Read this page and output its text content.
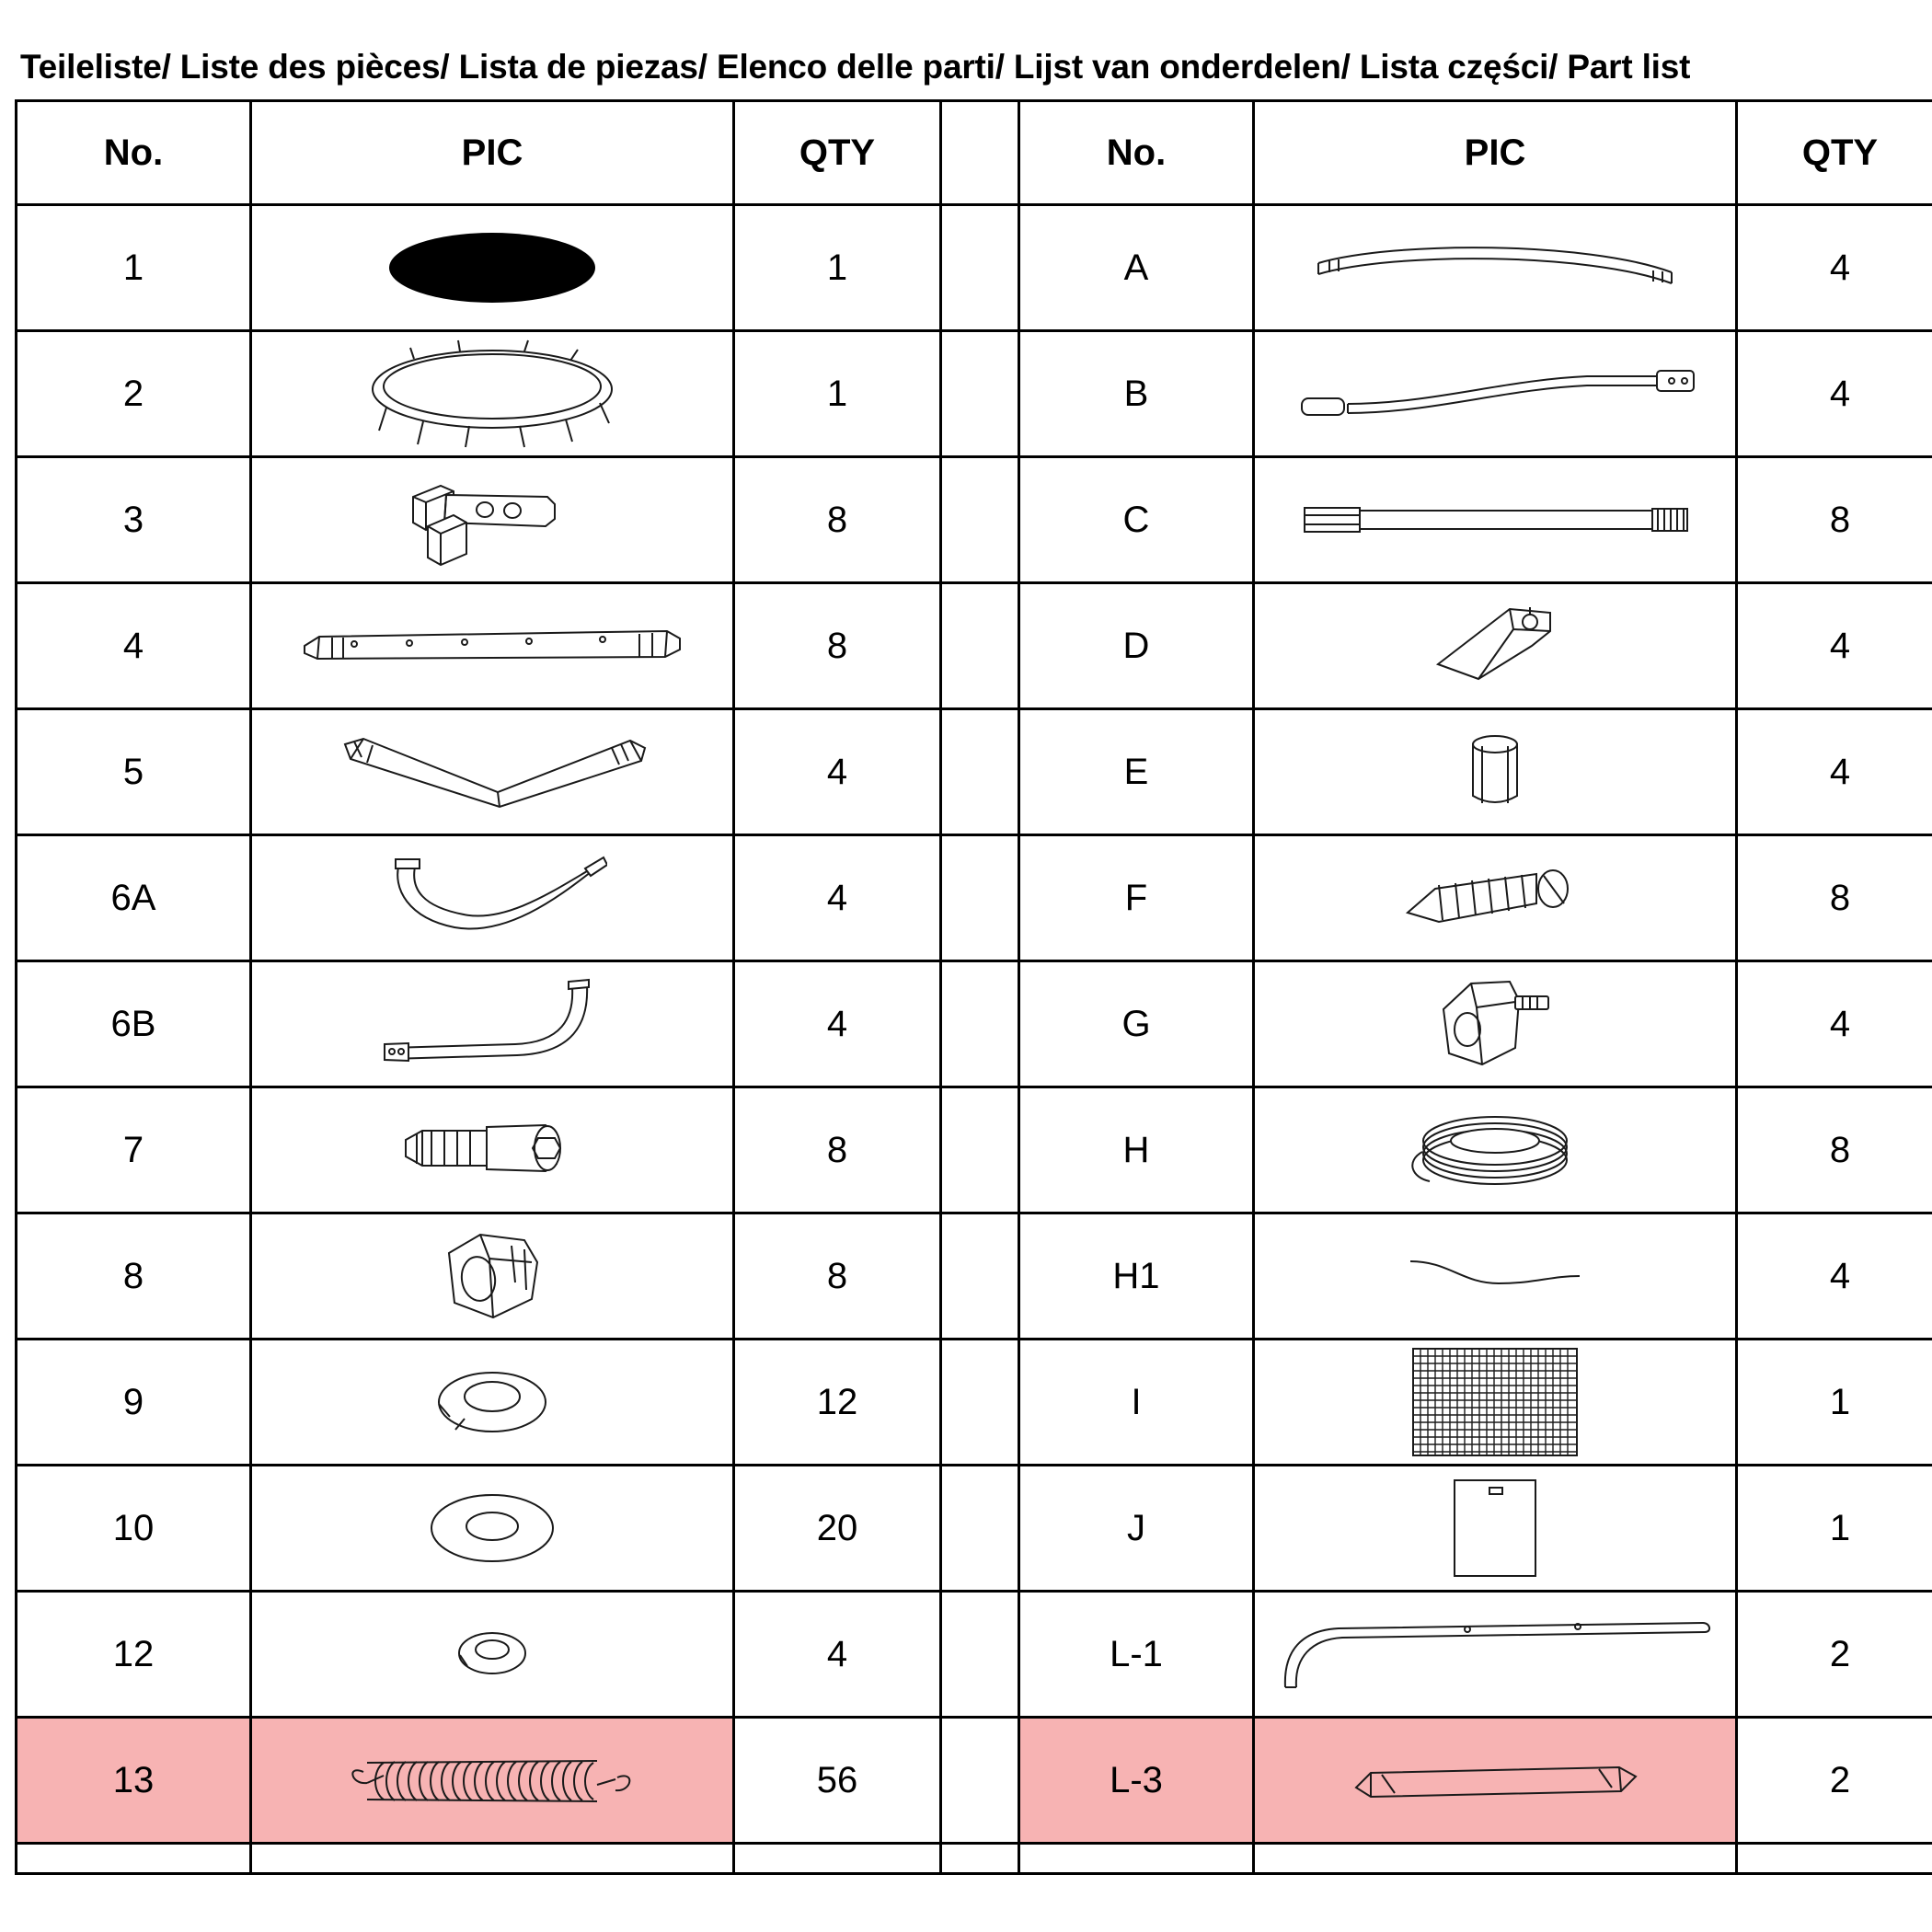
Teileliste/ Liste des pièces/ Lista de piezas/ Elenco delle parti/ Lijst van onderdelen/ Lista części/ Part list
No.	PIC	QTY		No.	PIC	QTY
1		1		A		4
2		1		B		4
3		8		C		8
4		8		D		4
5		4		E		4
6A		4		F		8
6B		4		G		4
7		8		H		8
8		8		H1		4
9		12		I		1
10		20		J		1
12		4		L-1		2
13		56		L-3		2
